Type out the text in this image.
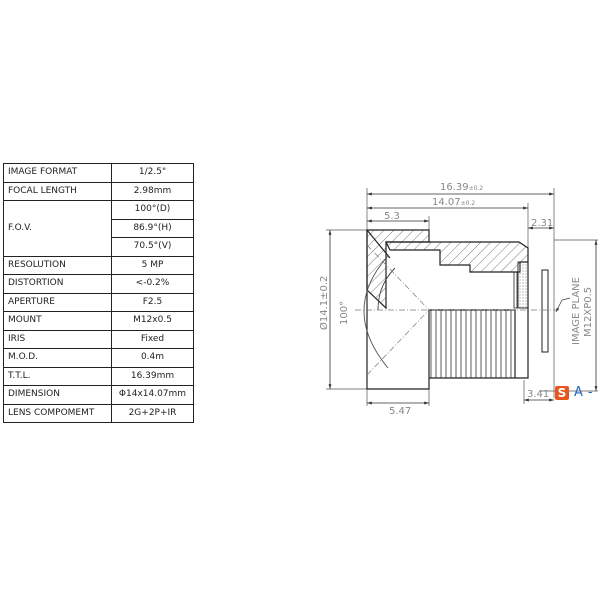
IMAGE FORMAT	1/2.5"
FOCAL LENGTH	2.98mm
F.O.V.	100°(D)
	86.9°(H)
	70.5°(V)
RESOLUTION	5 MP
DISTORTION	<-0.2%
APERTURE	F2.5
MOUNT	M12x0.5
IRIS	Fixed
M.O.D.	0.4m
T.T.L.	16.39mm
DIMENSION	Φ14x14.07mm
LENS COMPOMEMT	2G+2P+IR
16.39±0.2
14.07±0.2
5.3
2.31
5.47
3.41
Ø14.1±0.2 100°	IMAGE PLANE M12XP0.5
S A -
